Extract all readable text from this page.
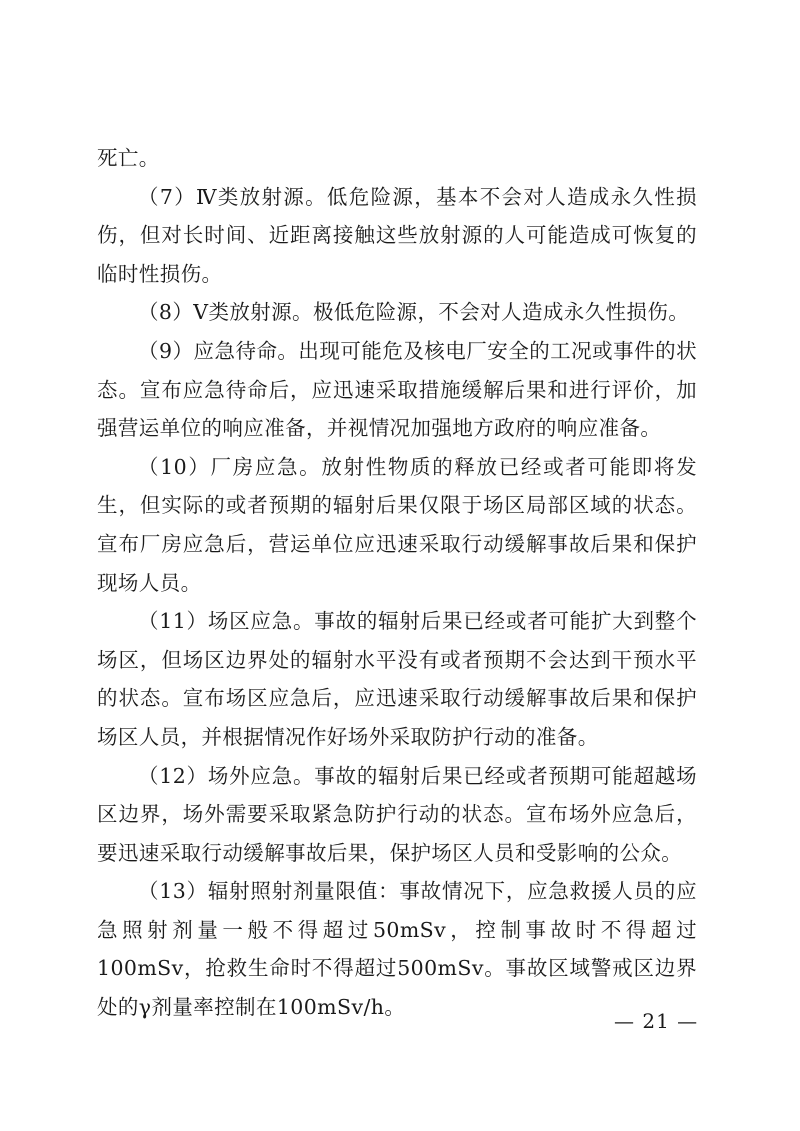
死亡。

（7）Ⅳ类放射源。低危险源，基本不会对人造成永久性损伤，但对长时间、近距离接触这些放射源的人可能造成可恢复的临时性损伤。

（8）Ⅴ类放射源。极低危险源，不会对人造成永久性损伤。

（9）应急待命。出现可能危及核电厂安全的工况或事件的状态。宣布应急待命后，应迅速采取措施缓解后果和进行评价，加强营运单位的响应准备，并视情况加强地方政府的响应准备。

（10）厂房应急。放射性物质的释放已经或者可能即将发生，但实际的或者预期的辐射后果仅限于场区局部区域的状态。宣布厂房应急后，营运单位应迅速采取行动缓解事故后果和保护现场人员。

（11）场区应急。事故的辐射后果已经或者可能扩大到整个场区，但场区边界处的辐射水平没有或者预期不会达到干预水平的状态。宣布场区应急后，应迅速采取行动缓解事故后果和保护场区人员，并根据情况作好场外采取防护行动的准备。

（12）场外应急。事故的辐射后果已经或者预期可能超越场区边界，场外需要采取紧急防护行动的状态。宣布场外应急后，要迅速采取行动缓解事故后果，保护场区人员和受影响的公众。

（13）辐射照射剂量限值：事故情况下，应急救援人员的应急照射剂量一般不得超过50mSv，控制事故时不得超过100mSv，抢救生命时不得超过500mSv。事故区域警戒区边界处的γ剂量率控制在100mSv/h。

— 21 —
